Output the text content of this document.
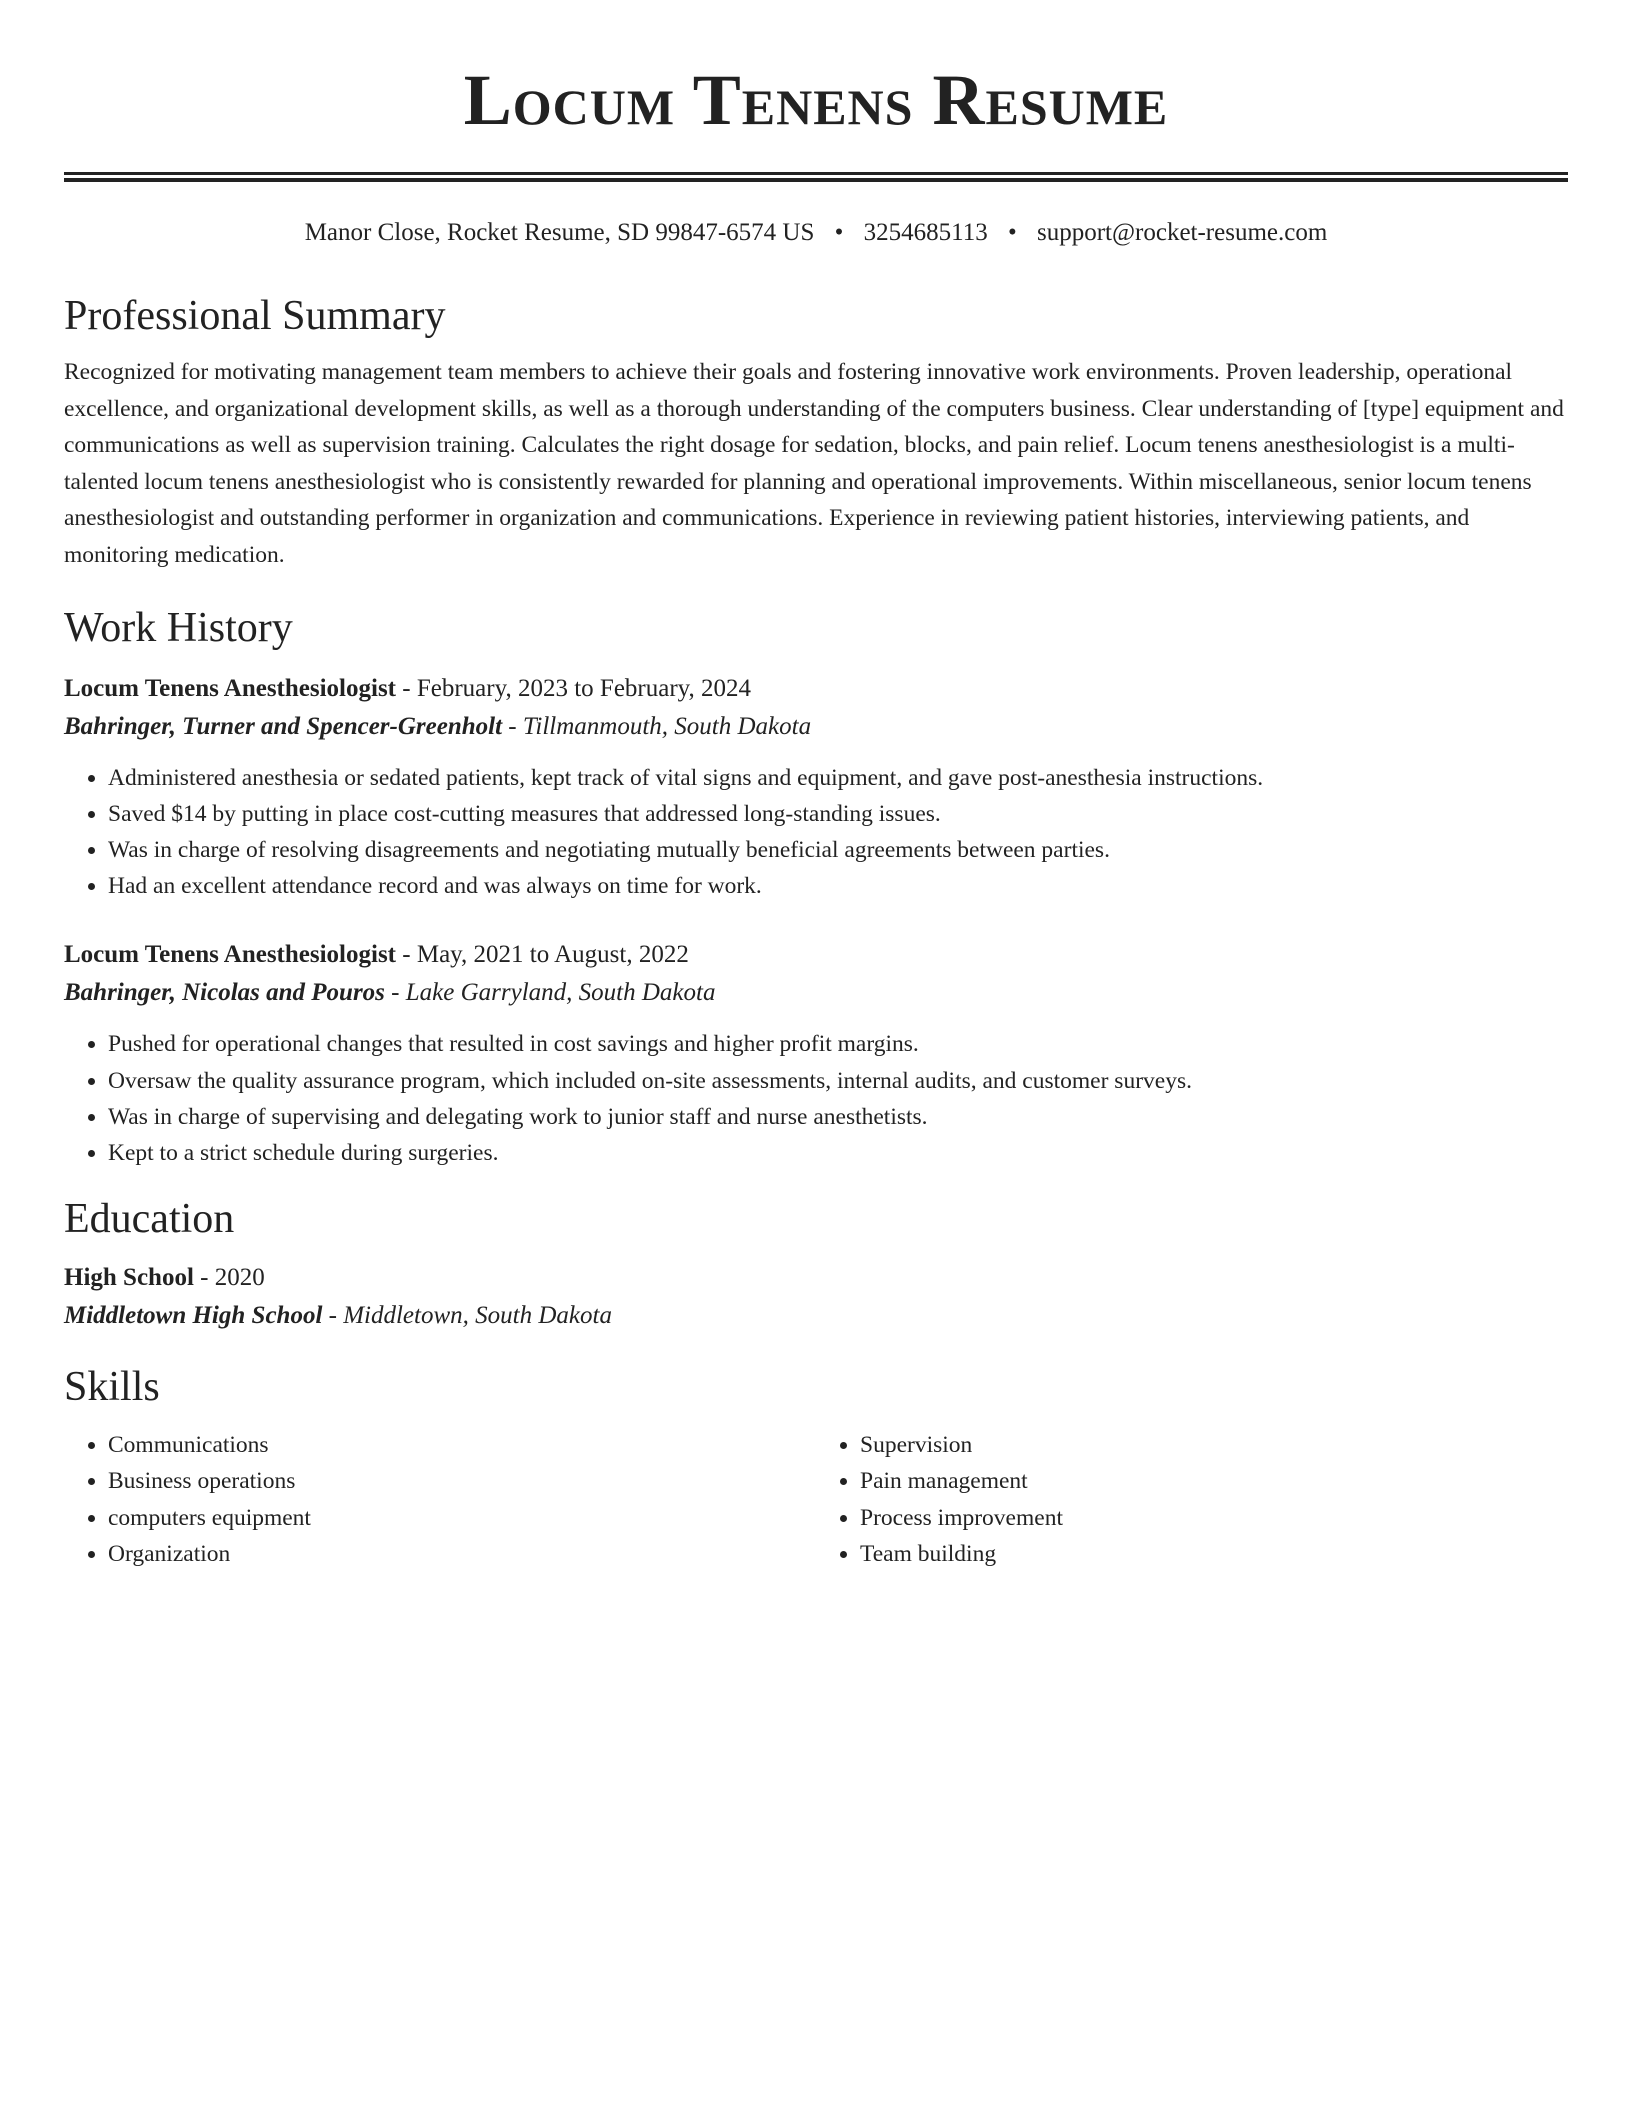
Locum Tenens Resume
Manor Close, Rocket Resume, SD 99847-6574 US • 3254685113 • support@rocket-resume.com
Professional Summary

Recognized for motivating management team members to achieve their goals and fostering innovative work environments. Proven leadership, operational excellence, and organizational development skills, as well as a thorough understanding of the computers business. Clear understanding of [type] equipment and communications as well as supervision training. Calculates the right dosage for sedation, blocks, and pain relief. Locum tenens anesthesiologist is a multi-talented locum tenens anesthesiologist who is consistently rewarded for planning and operational improvements. Within miscellaneous, senior locum tenens anesthesiologist and outstanding performer in organization and communications. Experience in reviewing patient histories, interviewing patients, and monitoring medication.

Work History
Locum Tenens Anesthesiologist - February, 2023 to February, 2024
Bahringer, Turner and Spencer-Greenholt - Tillmanmouth, South Dakota
• Administered anesthesia or sedated patients, kept track of vital signs and equipment, and gave post-anesthesia instructions.
• Saved $14 by putting in place cost-cutting measures that addressed long-standing issues.
• Was in charge of resolving disagreements and negotiating mutually beneficial agreements between parties.
• Had an excellent attendance record and was always on time for work.
Locum Tenens Anesthesiologist - May, 2021 to August, 2022
Bahringer, Nicolas and Pouros - Lake Garryland, South Dakota
• Pushed for operational changes that resulted in cost savings and higher profit margins.
• Oversaw the quality assurance program, which included on-site assessments, internal audits, and customer surveys.
• Was in charge of supervising and delegating work to junior staff and nurse anesthetists.
• Kept to a strict schedule during surgeries.
Education
High School - 2020
Middletown High School - Middletown, South Dakota
Skills
• Communications
• Business operations
• computers equipment
• Organization
• Supervision
• Pain management
• Process improvement
• Team building
